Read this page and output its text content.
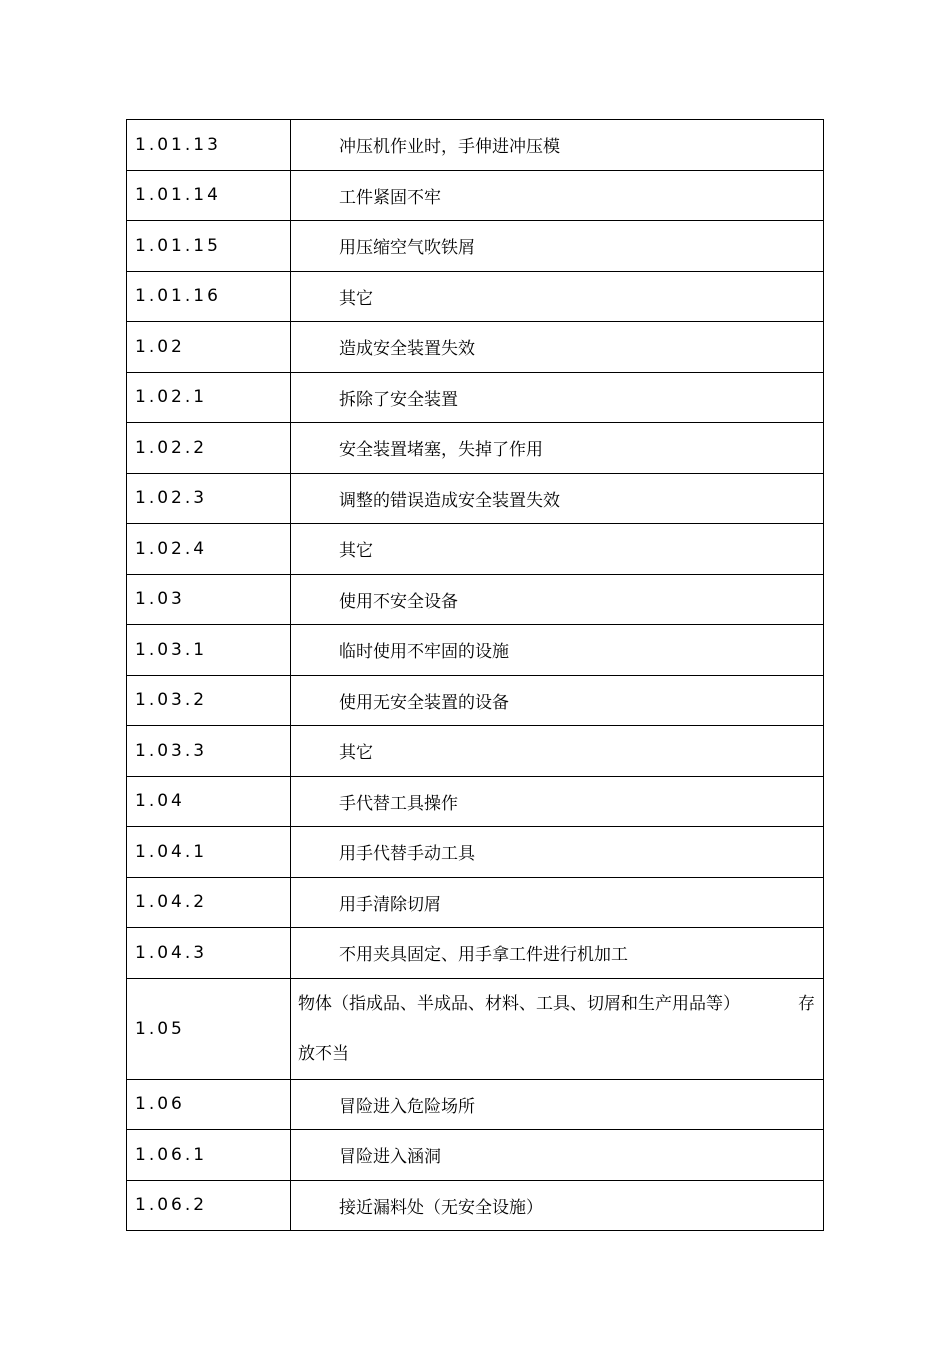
1.01.13	冲压机作业时，手伸进冲压模
1.01.14	工件紧固不牢
1.01.15	用压缩空气吹铁屑
1.01.16	其它
1.02	造成安全装置失效
1.02.1	拆除了安全装置
1.02.2	安全装置堵塞，失掉了作用
1.02.3	调整的错误造成安全装置失效
1.02.4	其它
1.03	使用不安全设备
1.03.1	临时使用不牢固的设施
1.03.2	使用无安全装置的设备
1.03.3	其它
1.04	手代替工具操作
1.04.1	用手代替手动工具
1.04.2	用手清除切屑
1.04.3	不用夹具固定、用手拿工件进行机加工
1.05	物体（指成品、半成品、材料、工具、切屑和生产用品等） 存
放不当

1.06	冒险进入危险场所
1.06.1	冒险进入涵洞
1.06.2	接近漏料处（无安全设施）
